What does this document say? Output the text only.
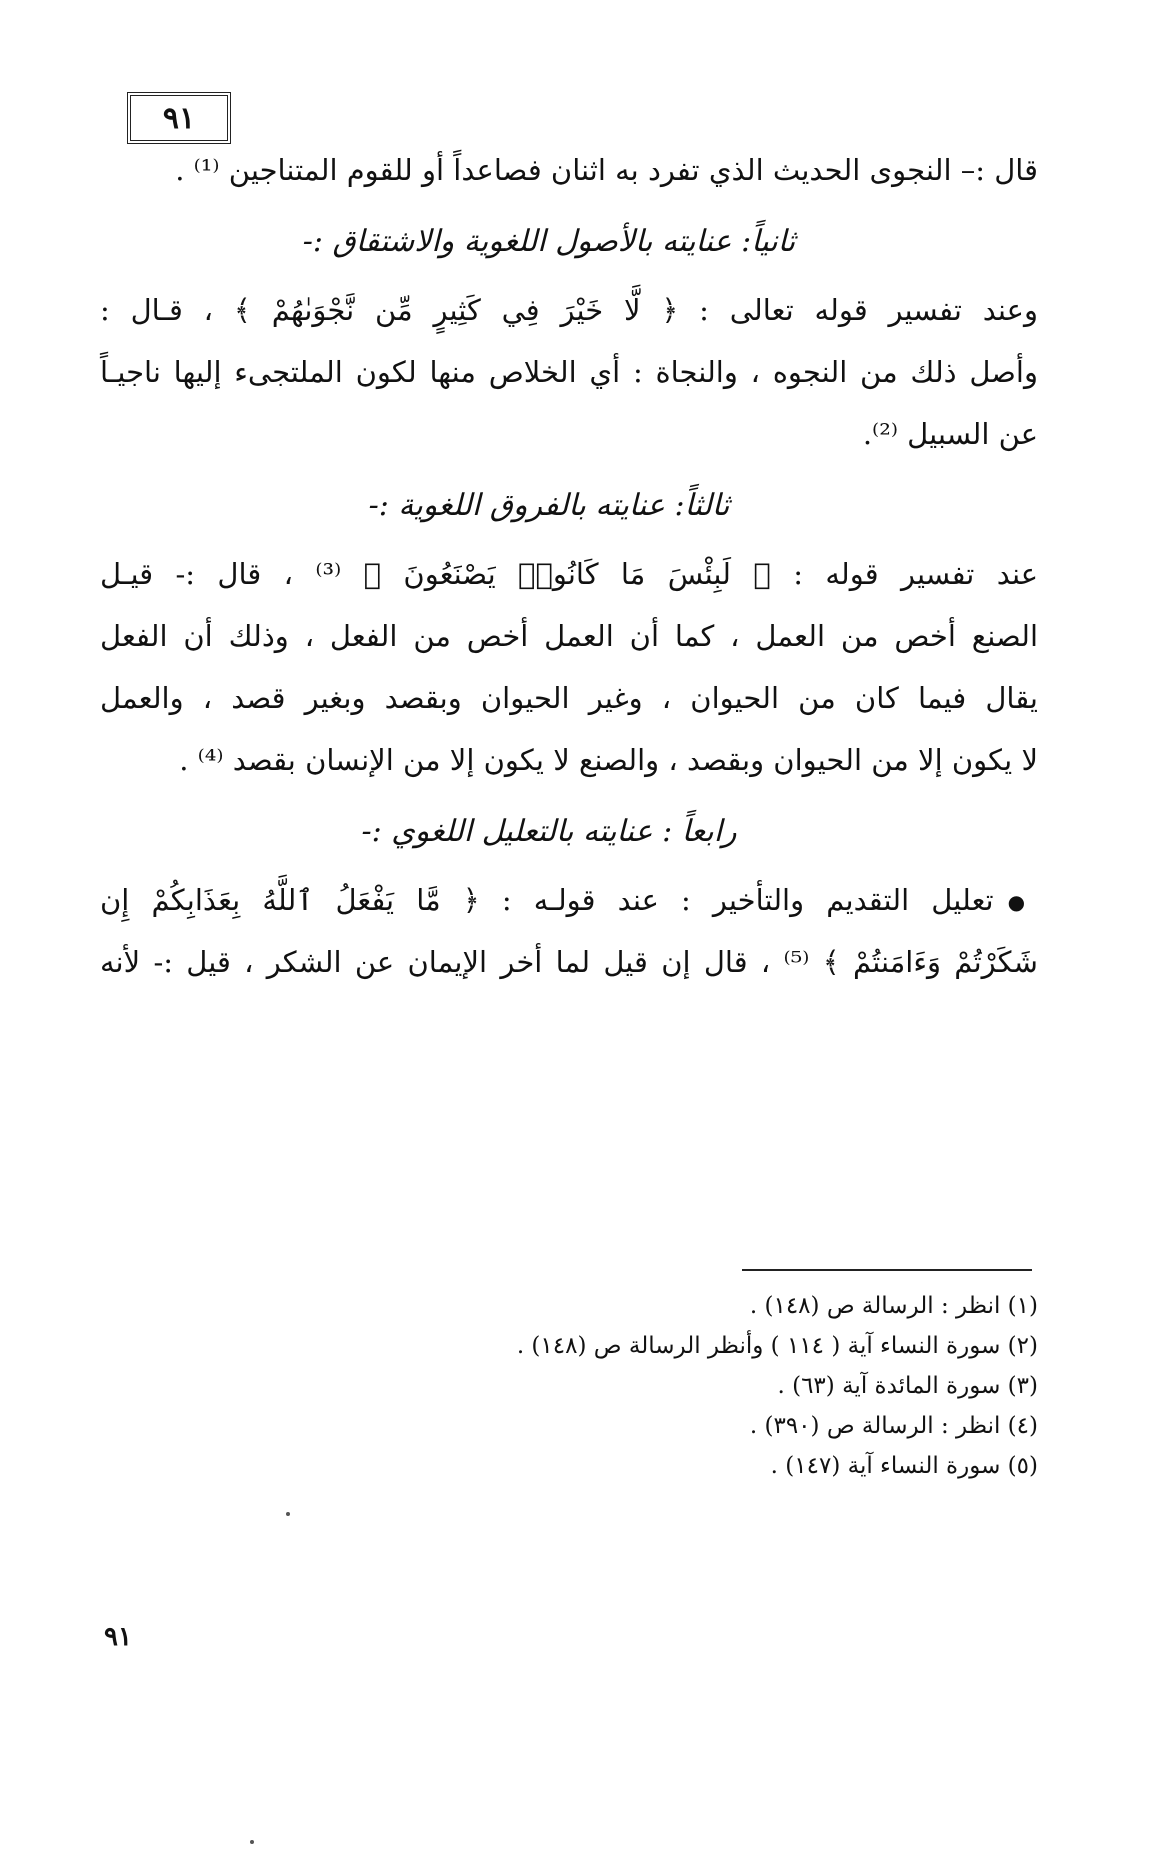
٩١
قال :– النجوى الحديث الذي تفرد به اثنان فصاعداً أو للقوم المتناجين ⁽¹⁾ .
ثانياً: عنايته بالأصول اللغوية والاشتقاق :-
وعند تفسير قوله تعالى : ﴿ لَّا خَيْرَ فِي كَثِيرٍ مِّن نَّجْوَىٰهُمْ ﴾ ، قـال :
وأصل ذلك من النجوه ، والنجاة : أي الخلاص منها لكون الملتجىء إليها ناجيـاً
عن السبيل ⁽²⁾.
ثالثاً: عنايته بالفروق اللغوية :-
عند تفسير قوله : ﴿ لَبِئْسَ مَا كَانُوا۟ يَصْنَعُونَ ﴾ ⁽³⁾ ، قال :- قيـل
الصنع أخص من العمل ، كما أن العمل أخص من الفعل ، وذلك أن الفعل
يقال فيما كان من الحيوان ، وغير الحيوان وبقصد وبغير قصد ، والعمل
لا يكون إلا من الحيوان وبقصد ، والصنع لا يكون إلا من الإنسان بقصد ⁽⁴⁾ .
رابعاً : عنايته بالتعليل اللغوي :-
●تعليل التقديم والتأخير : عند قولـه : ﴿ مَّا يَفْعَلُ ٱللَّهُ بِعَذَابِكُمْ إِن
شَكَرْتُمْ وَءَامَنتُمْ ﴾ ⁽⁵⁾ ، قال إن قيل لما أخر الإيمان عن الشكر ، قيل :- لأنه
(١) انظر : الرسالة ص (١٤٨) .
(٢) سورة النساء آية ( ١١٤ ) وأنظر الرسالة ص (١٤٨) .
(٣) سورة المائدة آية (٦٣) .
(٤) انظر : الرسالة ص (٣٩٠) .
(٥) سورة النساء آية (١٤٧) .
٩١
